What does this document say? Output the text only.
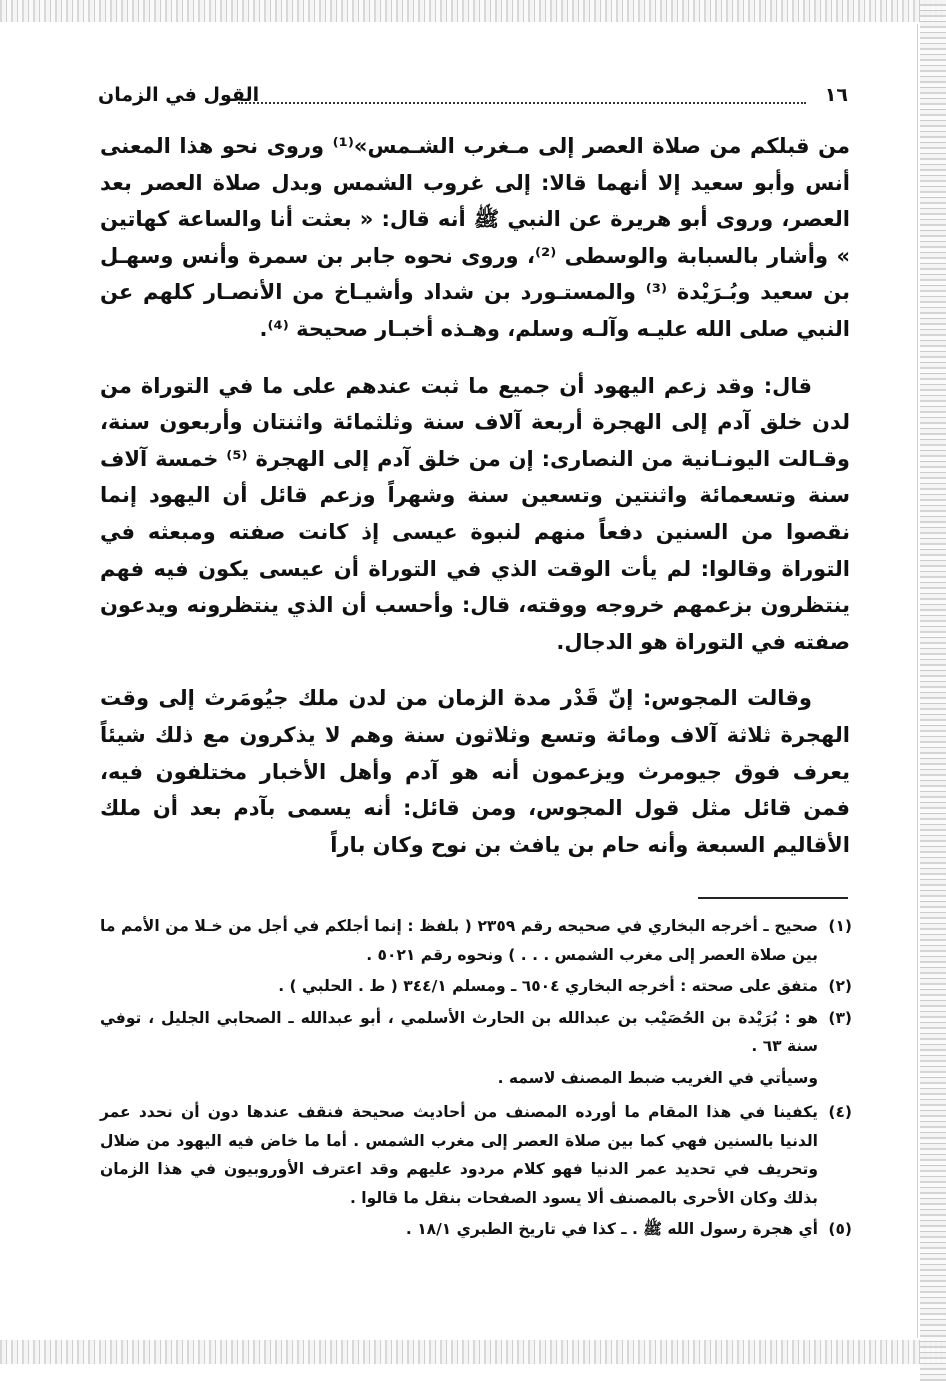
١٦
القول في الزمان

من قبلكم من صلاة العصر إلى مـغرب الشـمس»⁽¹⁾ وروى نحو هذا المعنى أنس وأبو سعيد إلا أنهما قالا: إلى غروب الشمس وبدل صلاة العصر بعد العصر، وروى أبو هريرة عن النبي ﷺ أنه قال: « بعثت أنا والساعة كهاتين » وأشار بالسبابة والوسطى ⁽²⁾، وروى نحوه جابر بن سمرة وأنس وسهـل بن سعيد وبُـرَيْدة ⁽³⁾ والمستـورد بن شداد وأشيـاخ من الأنصـار كلهم عن النبي صلى الله عليـه وآلـه وسلم، وهـذه أخبـار صحيحة ⁽⁴⁾.

قال: وقد زعم اليهود أن جميع ما ثبت عندهم على ما في التوراة من لدن خلق آدم إلى الهجرة أربعة آلاف سنة وثلثمائة واثنتان وأربعون سنة، وقـالت اليونـانية من النصارى: إن من خلق آدم إلى الهجرة ⁽⁵⁾ خمسة آلاف سنة وتسعمائة واثنتين وتسعين سنة وشهراً وزعم قائل أن اليهود إنما نقصوا من السنين دفعاً منهم لنبوة عيسى إذ كانت صفته ومبعثه في التوراة وقالوا: لم يأت الوقت الذي في التوراة أن عيسى يكون فيه فهم ينتظرون بزعمهم خروجه ووقته، قال: وأحسب أن الذي ينتظرونه ويدعون صفته في التوراة هو الدجال.

وقالت المجوس: إنّ قَدْر مدة الزمان من لدن ملك جيُومَرث إلى وقت الهجرة ثلاثة آلاف ومائة وتسع وثلاثون سنة وهم لا يذكرون مع ذلك شيئاً يعرف فوق جيومرث ويزعمون أنه هو آدم وأهل الأخبار مختلفون فيه، فمن قائل مثل قول المجوس، ومن قائل: أنه يسمى بآدم بعد أن ملك الأقاليم السبعة وأنه حام بن يافث بن نوح وكان باراً

(١)
صحيح ـ أخرجه البخاري في صحيحه رقم ٢٣٥٩ ( بلفظ : إنما أجلكم في أجل من خـلا من الأمم ما بين صلاة العصر إلى مغرب الشمس . . . ) ونحوه رقم ٥٠٢١ .
(٢)
متفق على صحته : أخرجه البخاري ٦٥٠٤ ـ ومسلم ٣٤٤/١ ( ط . الحلبي ) .
(٣)
هو : بُرَيْدة بن الحُصَيْب بن عبدالله بن الحارث الأسلمي ، أبو عبدالله ـ الصحابي الجليل ، توفي سنة ٦٣ .
وسيأتي في الغريب ضبط المصنف لاسمه .
(٤)
يكفينا في هذا المقام ما أورده المصنف من أحاديث صحيحة فنقف عندها دون أن نحدد عمر الدنيا بالسنين فهي كما بين صلاة العصر إلى مغرب الشمس . أما ما خاض فيه اليهود من ضلال وتحريف في تحديد عمر الدنيا فهو كلام مردود عليهم وقد اعترف الأوروبيون في هذا الزمان بذلك وكان الأحرى بالمصنف ألا يسود الصفحات بنقل ما قالوا .
(٥)
أي هجرة رسول الله ﷺ . ـ كذا في تاريخ الطبري ١٨/١ .
